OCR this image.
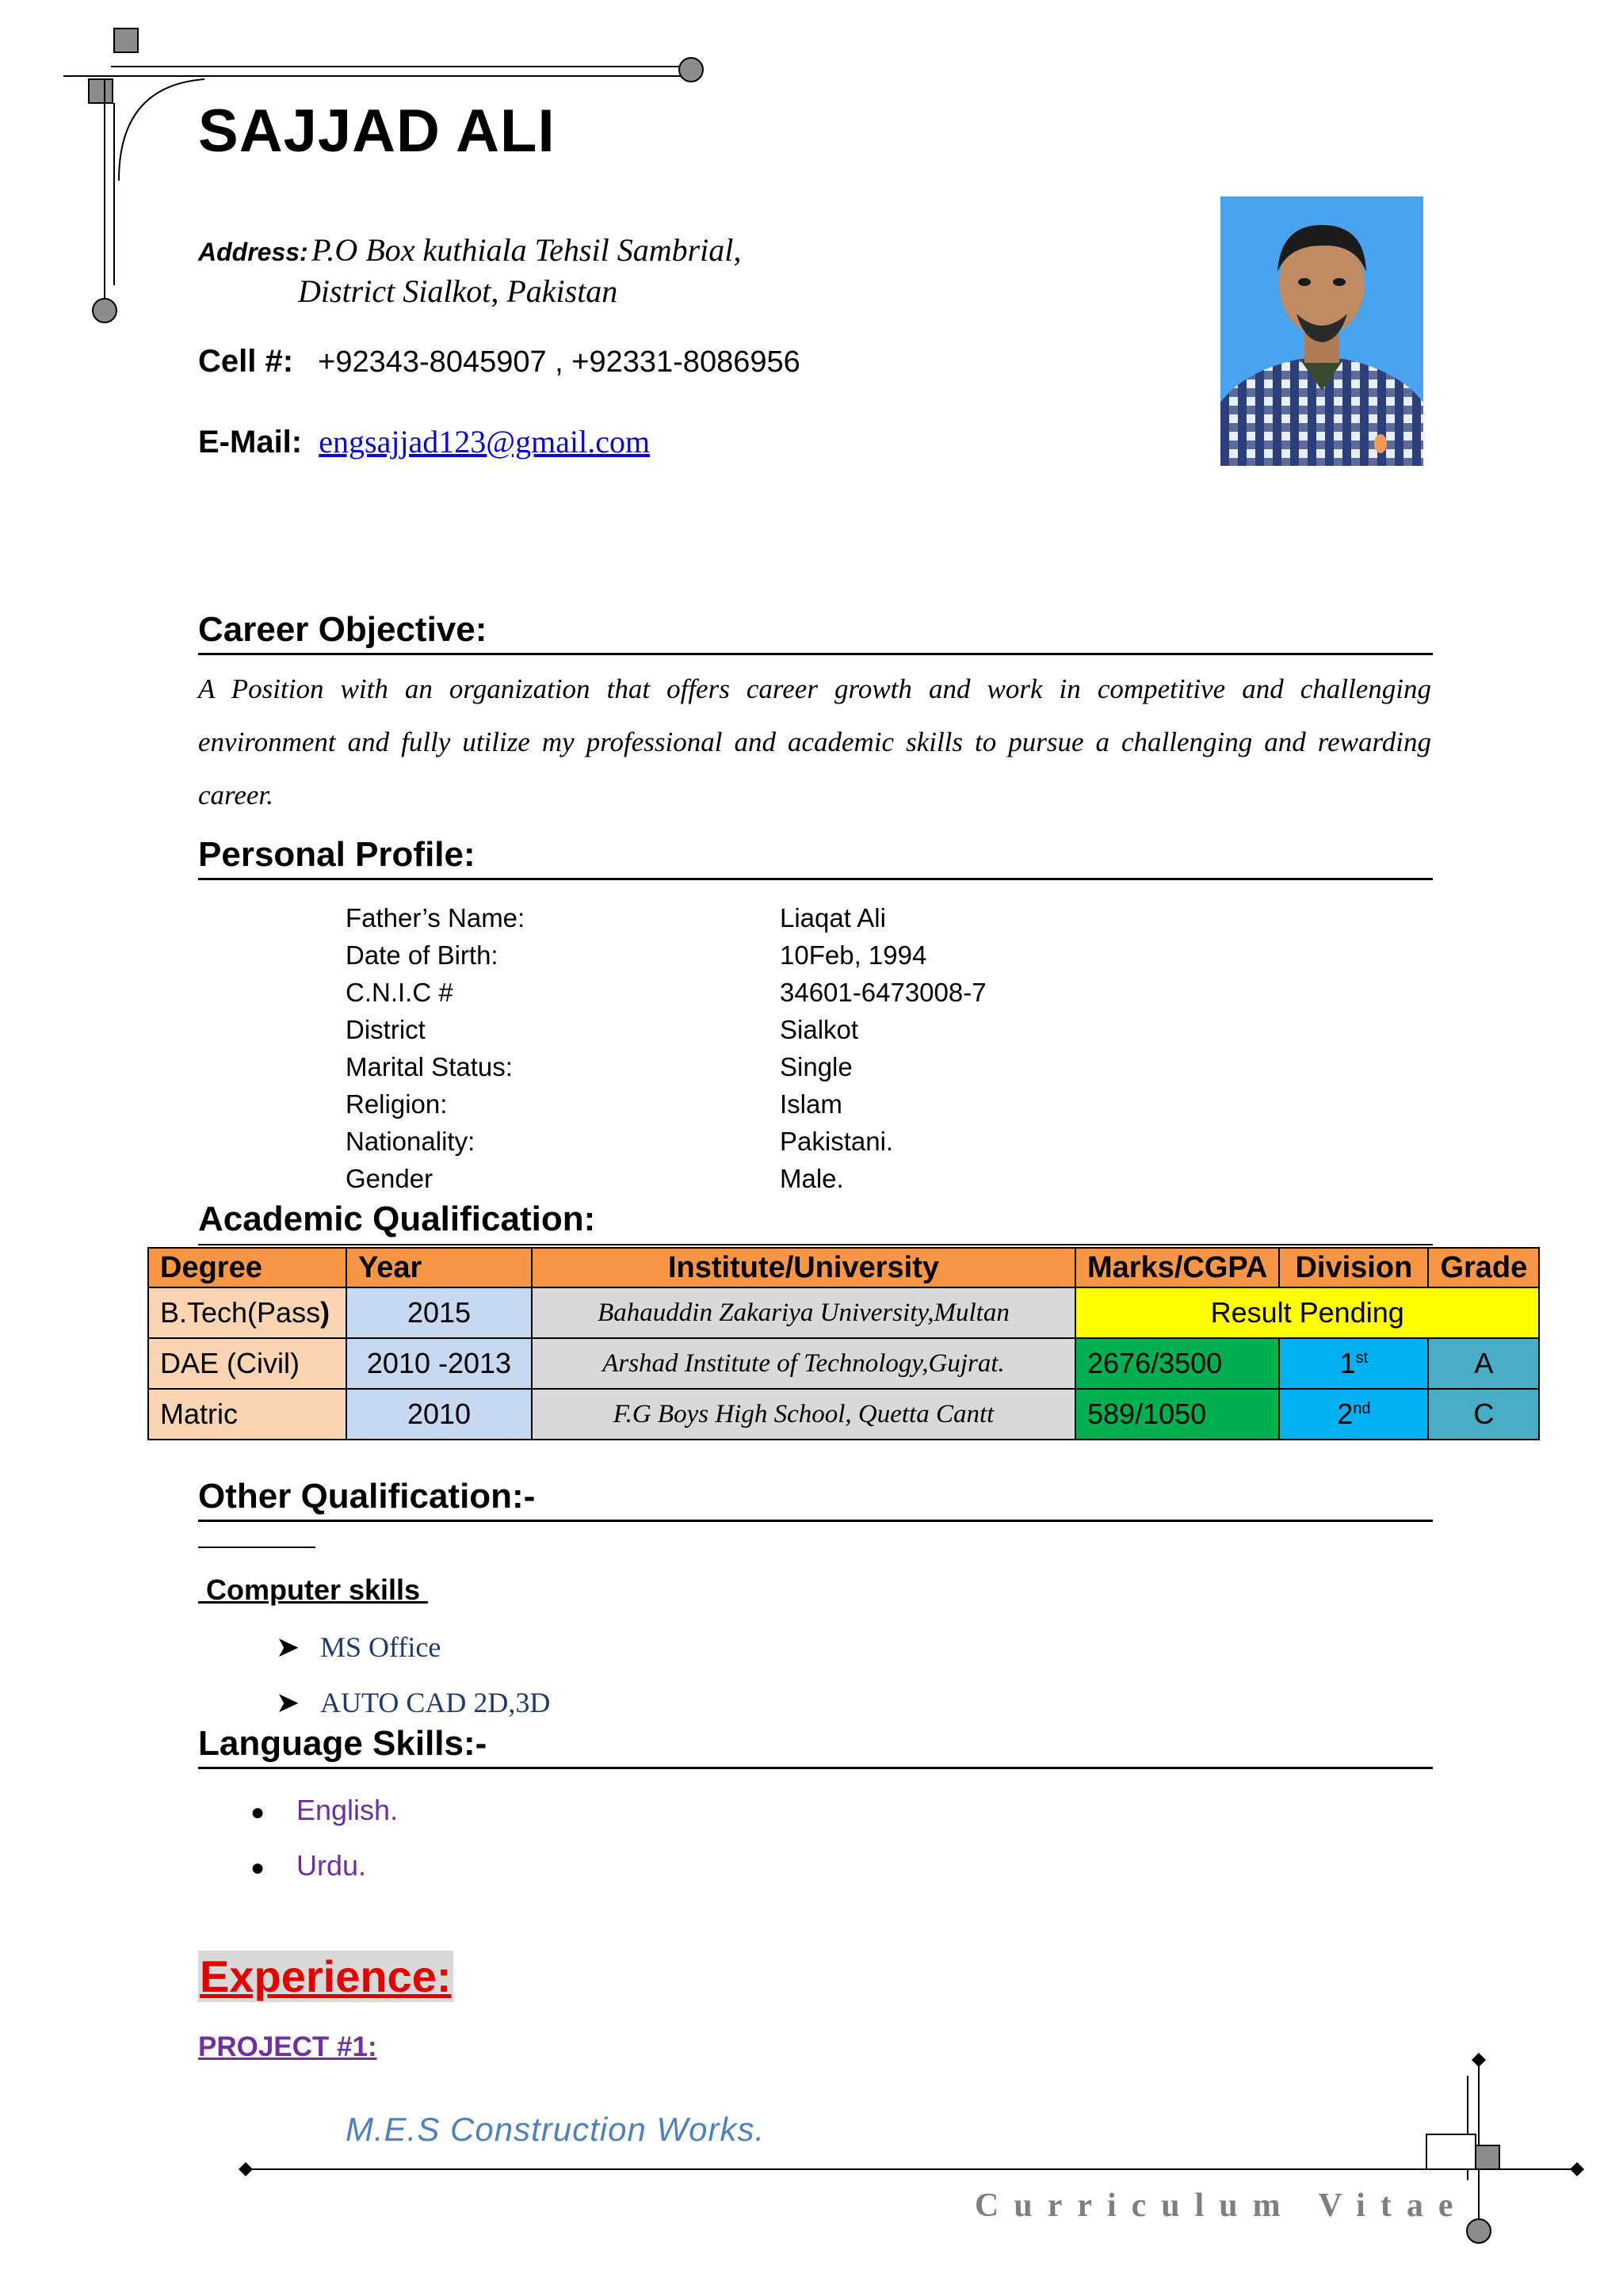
SAJJAD ALI
Address: P.O Box kuthiala Tehsil Sambrial,
District Sialkot, Pakistan
Cell #: +92343-8045907 , +92331-8086956
E-Mail: engsajjad123@gmail.com
Career Objective:
A Position with an organization that offers career growth and work in competitive and challenging environment and fully utilize my professional and academic skills to pursue a challenging and rewarding career.
Personal Profile:
Father’s Name:	Liaqat Ali
Date of Birth:	10Feb, 1994
C.N.I.C #	34601-6473008-7
District	Sialkot
Marital Status:	Single
Religion:	Islam
Nationality:	Pakistani.
Gender	Male.
Academic Qualification:
Degree	Year	Institute/University	Marks/CGPA	Division	Grade
B.Tech(Pass)	2015	Bahauddin Zakariya University,Multan	Result Pending		
DAE (Civil)	2010 -2013	Arshad Institute of Technology,Gujrat.	2676/3500	1st	A
Matric	2010	F.G Boys High School, Quetta Cantt	589/1050	2nd	C
Other Qualification:-
Computer skills
➤ MS Office
➤ AUTO CAD 2D,3D
Language Skills:-
● English.
● Urdu.
Experience:
PROJECT #1:
M.E.S Construction Works.
Curriculum Vitae
